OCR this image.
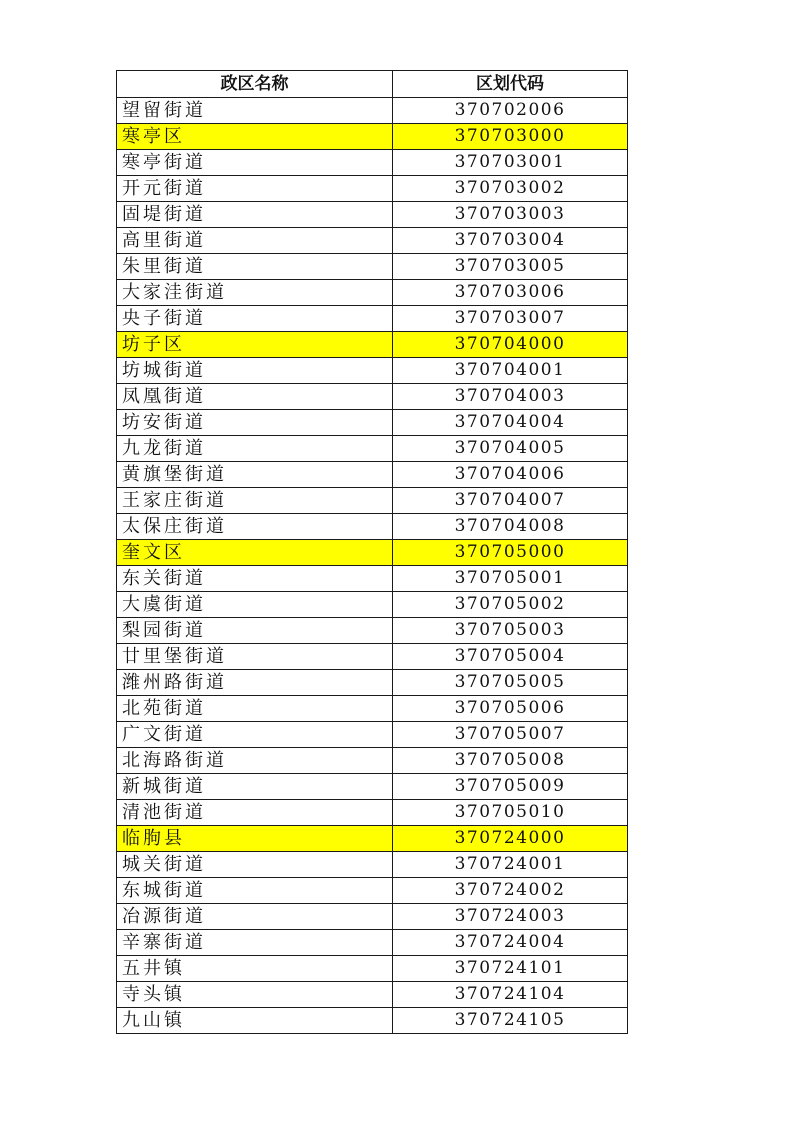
政区名称	区划代码
望留街道	370702006
寒亭区	370703000
寒亭街道	370703001
开元街道	370703002
固堤街道	370703003
高里街道	370703004
朱里街道	370703005
大家洼街道	370703006
央子街道	370703007
坊子区	370704000
坊城街道	370704001
凤凰街道	370704003
坊安街道	370704004
九龙街道	370704005
黄旗堡街道	370704006
王家庄街道	370704007
太保庄街道	370704008
奎文区	370705000
东关街道	370705001
大虞街道	370705002
梨园街道	370705003
廿里堡街道	370705004
潍州路街道	370705005
北苑街道	370705006
广文街道	370705007
北海路街道	370705008
新城街道	370705009
清池街道	370705010
临朐县	370724000
城关街道	370724001
东城街道	370724002
冶源街道	370724003
辛寨街道	370724004
五井镇	370724101
寺头镇	370724104
九山镇	370724105
